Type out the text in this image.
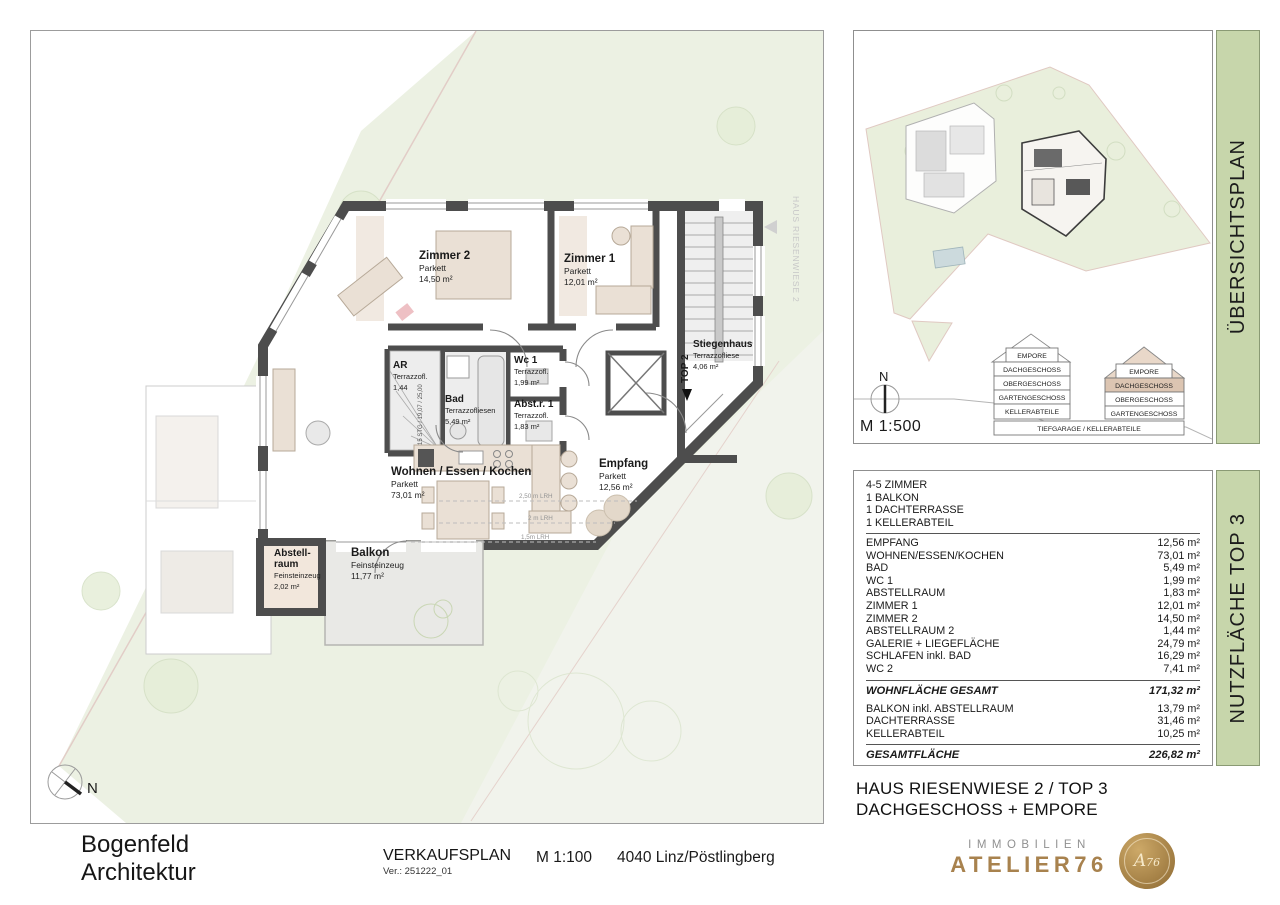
2,50 m LRH
2 m LRH
1,5m LRH
Zimmer 2
Parkett
14,50 m²
Zimmer 1
Parkett
12,01 m²
Stiegenhaus
Terrazzofliese
4,06 m²
TOP 2
AR
Terrazzofl.
1,44 15 STG / 19,07 / 25,00 Bad
Terrazzofliesen
5,49 m²
Wc 1
Terrazzofl.
1,99 m²
Abst.r. 1
Terrazzofl.
1,83 m²
Wohnen / Essen / Kochen
Parkett
73,01 m²
Empfang
Parkett
12,56 m²
Abstell-
raum
Feinsteinzeug
2,02 m²
Balkon
Feinsteinzeug
11,77 m²
HAUS RIESENWIESE 2
N
N
M 1:500
EMPORE
DACHGESCHOSS
OBERGESCHOSS
GARTENGESCHOSS
KELLERABTEILE
EMPORE
DACHGESCHOSS
OBERGESCHOSS
GARTENGESCHOSS
TIEFGARAGE / KELLERABTEILE
ÜBERSICHTSPLAN
NUTZFLÄCHE TOP 3
4-5 ZIMMER
1 BALKON
1 DACHTERRASSE
1 KELLERABTEIL
EMPFANG	12,56 m²
WOHNEN/ESSEN/KOCHEN	73,01 m²
BAD	5,49 m²
WC 1	1,99 m²
ABSTELLRAUM	1,83 m²
ZIMMER 1	12,01 m²
ZIMMER 2	14,50 m²
ABSTELLRAUM 2	1,44 m²
GALERIE + LIEGEFLÄCHE	24,79 m²
SCHLAFEN inkl. BAD	16,29 m²
WC 2	7,41 m²
WOHNFLÄCHE GESAMT	171,32 m²
BALKON inkl. ABSTELLRAUM	13,79 m²
DACHTERRASSE	31,46 m²
KELLERABTEIL	10,25 m²
GESAMTFLÄCHE	226,82 m²
HAUS RIESENWIESE 2 / TOP 3
DACHGESCHOSS + EMPORE
Bogenfeld
Architektur
VERKAUFSPLAN
Ver.: 251222_01
M 1:100 4040 Linz/Pöstlingberg
IMMOBILIEN
ATELIER76 A76
